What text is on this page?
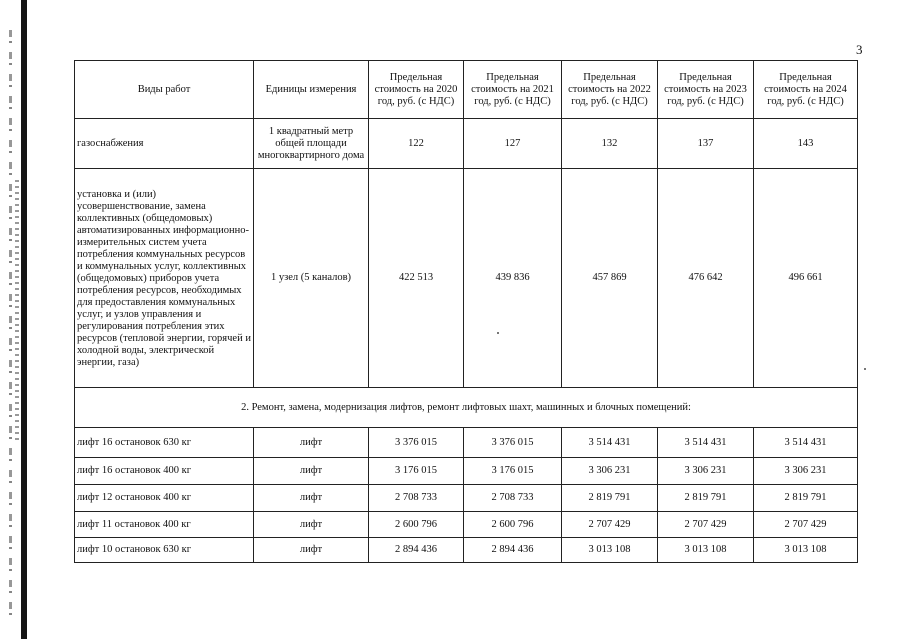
3
Виды работ	Единицы измерения	Предельная стоимость на 2020 год, руб. (с НДС)	Предельная стоимость на 2021 год, руб. (с НДС)	Предельная стоимость на 2022 год, руб. (с НДС)	Предельная стоимость на 2023 год, руб. (с НДС)	Предельная стоимость на 2024 год, руб. (с НДС)
газоснабжения	1 квадратный метр общей площади многоквартирного дома	122	127	132	137	143
установка и (или) усовершенствование, замена коллективных (общедомовых) автоматизированных информационно-измерительных систем учета потребления коммунальных ресурсов и коммунальных услуг, коллективных (общедомовых) приборов учета потребления ресурсов, необходимых для предоставления коммунальных услуг, и узлов управления и регулирования потребления этих ресурсов (тепловой энергии, горячей и холодной воды, электрической энергии, газа)	1 узел (5 каналов)	422 513	439 836	457 869	476 642	496 661
2. Ремонт, замена, модернизация лифтов, ремонт лифтовых шахт, машинных и блочных помещений:						
лифт 16 остановок 630 кг	лифт	3 376 015	3 376 015	3 514 431	3 514 431	3 514 431
лифт 16 остановок 400 кг	лифт	3 176 015	3 176 015	3 306 231	3 306 231	3 306 231
лифт 12 остановок 400 кг	лифт	2 708 733	2 708 733	2 819 791	2 819 791	2 819 791
лифт 11 остановок 400 кг	лифт	2 600 796	2 600 796	2 707 429	2 707 429	2 707 429
лифт 10 остановок 630 кг	лифт	2 894 436	2 894 436	3 013 108	3 013 108	3 013 108
